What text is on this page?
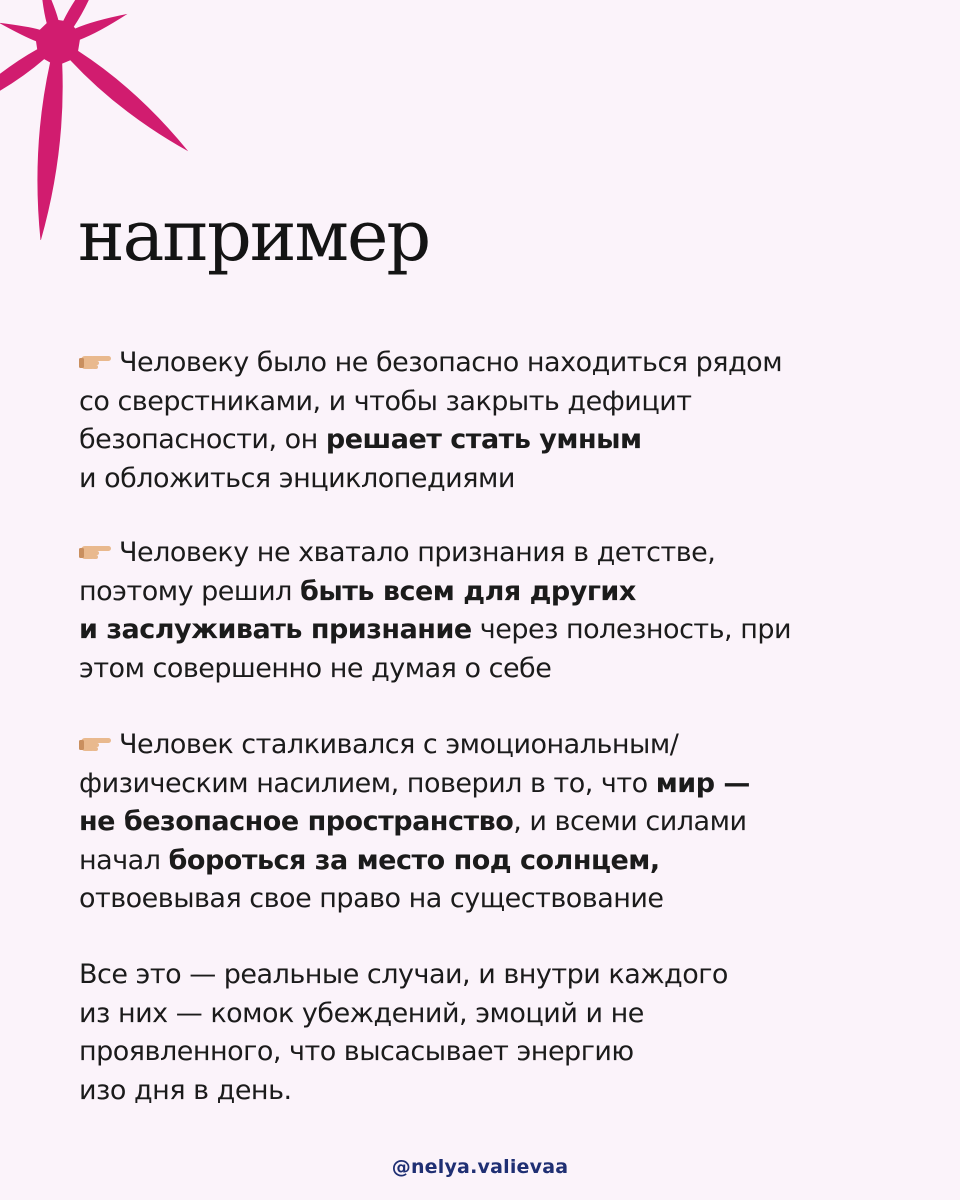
например

Человеку было не безопасно находиться рядом
со сверстниками, и чтобы закрыть дефицит
безопасности, он решает стать умным
и обложиться энциклопедиями

Человеку не хватало признания в детстве,
поэтому решил быть всем для других
и заслуживать признание через полезность, при
этом совершенно не думая о себе

Человек сталкивался с эмоциональным/
физическим насилием, поверил в то, что мир —
не безопасное пространство, и всеми силами
начал бороться за место под солнцем,
отвоевывая свое право на существование

Все это — реальные случаи, и внутри каждого
из них — комок убеждений, эмоций и не
проявленного, что высасывает энергию
изо дня в день.

@nelya.valievaa
